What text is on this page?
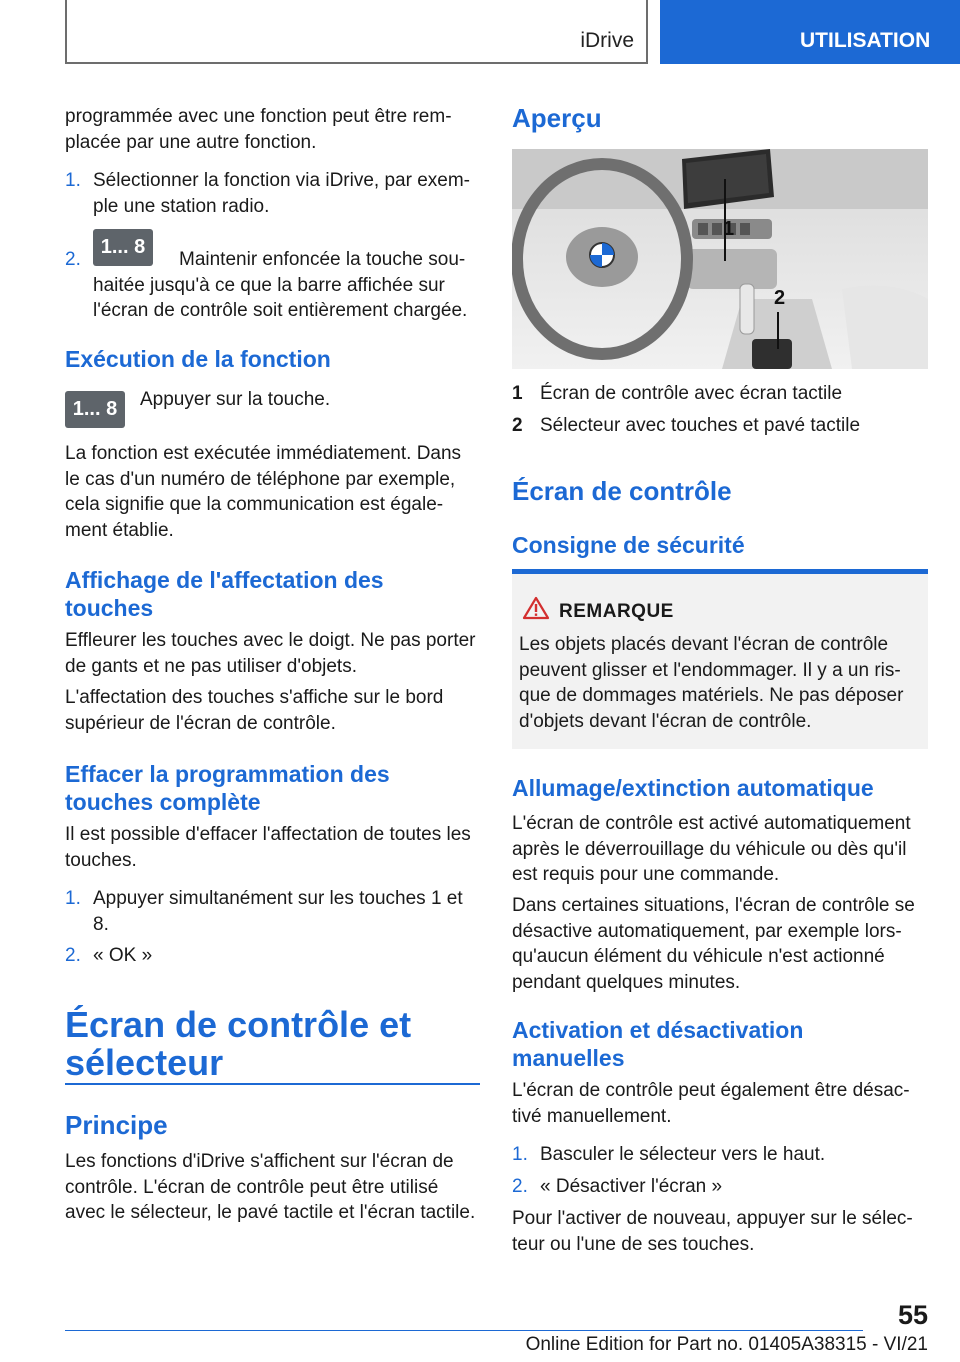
iDrive	UTILISATION
programmée avec une fonction peut être rem-
placée par une autre fonction.
1. Sélectionner la fonction via iDrive, par exem-
ple une station radio.
2.
1... 8
Maintenir enfoncée la touche sou-
haitée jusqu'à ce que la barre affichée sur
l'écran de contrôle soit entièrement chargée.
Exécution de la fonction
1... 8 Appuyer sur la touche.
La fonction est exécutée immédiatement. Dans
le cas d'un numéro de téléphone par exemple,
cela signifie que la communication est égale-
ment établie.
Affichage de l'affectation des
touches
Effleurer les touches avec le doigt. Ne pas porter
de gants et ne pas utiliser d'objets.
L'affectation des touches s'affiche sur le bord
supérieur de l'écran de contrôle.
Effacer la programmation des
touches complète
Il est possible d'effacer l'affectation de toutes les
touches.
1. Appuyer simultanément sur les touches 1 et
8.
2. « OK »
Écran de contrôle et
sélecteur
Principe
Les fonctions d'iDrive s'affichent sur l'écran de
contrôle. L'écran de contrôle peut être utilisé
avec le sélecteur, le pavé tactile et l'écran tactile.
Aperçu
1
2
1 Écran de contrôle avec écran tactile
2 Sélecteur avec touches et pavé tactile
Écran de contrôle
Consigne de sécurité
REMARQUE
Les objets placés devant l'écran de contrôle
peuvent glisser et l'endommager. Il y a un ris-
que de dommages matériels. Ne pas déposer
d'objets devant l'écran de contrôle.
Allumage/extinction automatique
L'écran de contrôle est activé automatiquement
après le déverrouillage du véhicule ou dès qu'il
est requis pour une commande.
Dans certaines situations, l'écran de contrôle se
désactive automatiquement, par exemple lors-
qu'aucun élément du véhicule n'est actionné
pendant quelques minutes.
Activation et désactivation
manuelles
L'écran de contrôle peut également être désac-
tivé manuellement.
1. Basculer le sélecteur vers le haut.
2. « Désactiver l'écran »
Pour l'activer de nouveau, appuyer sur le sélec-
teur ou l'une de ses touches.
55
Online Edition for Part no. 01405A38315 - VI/21
